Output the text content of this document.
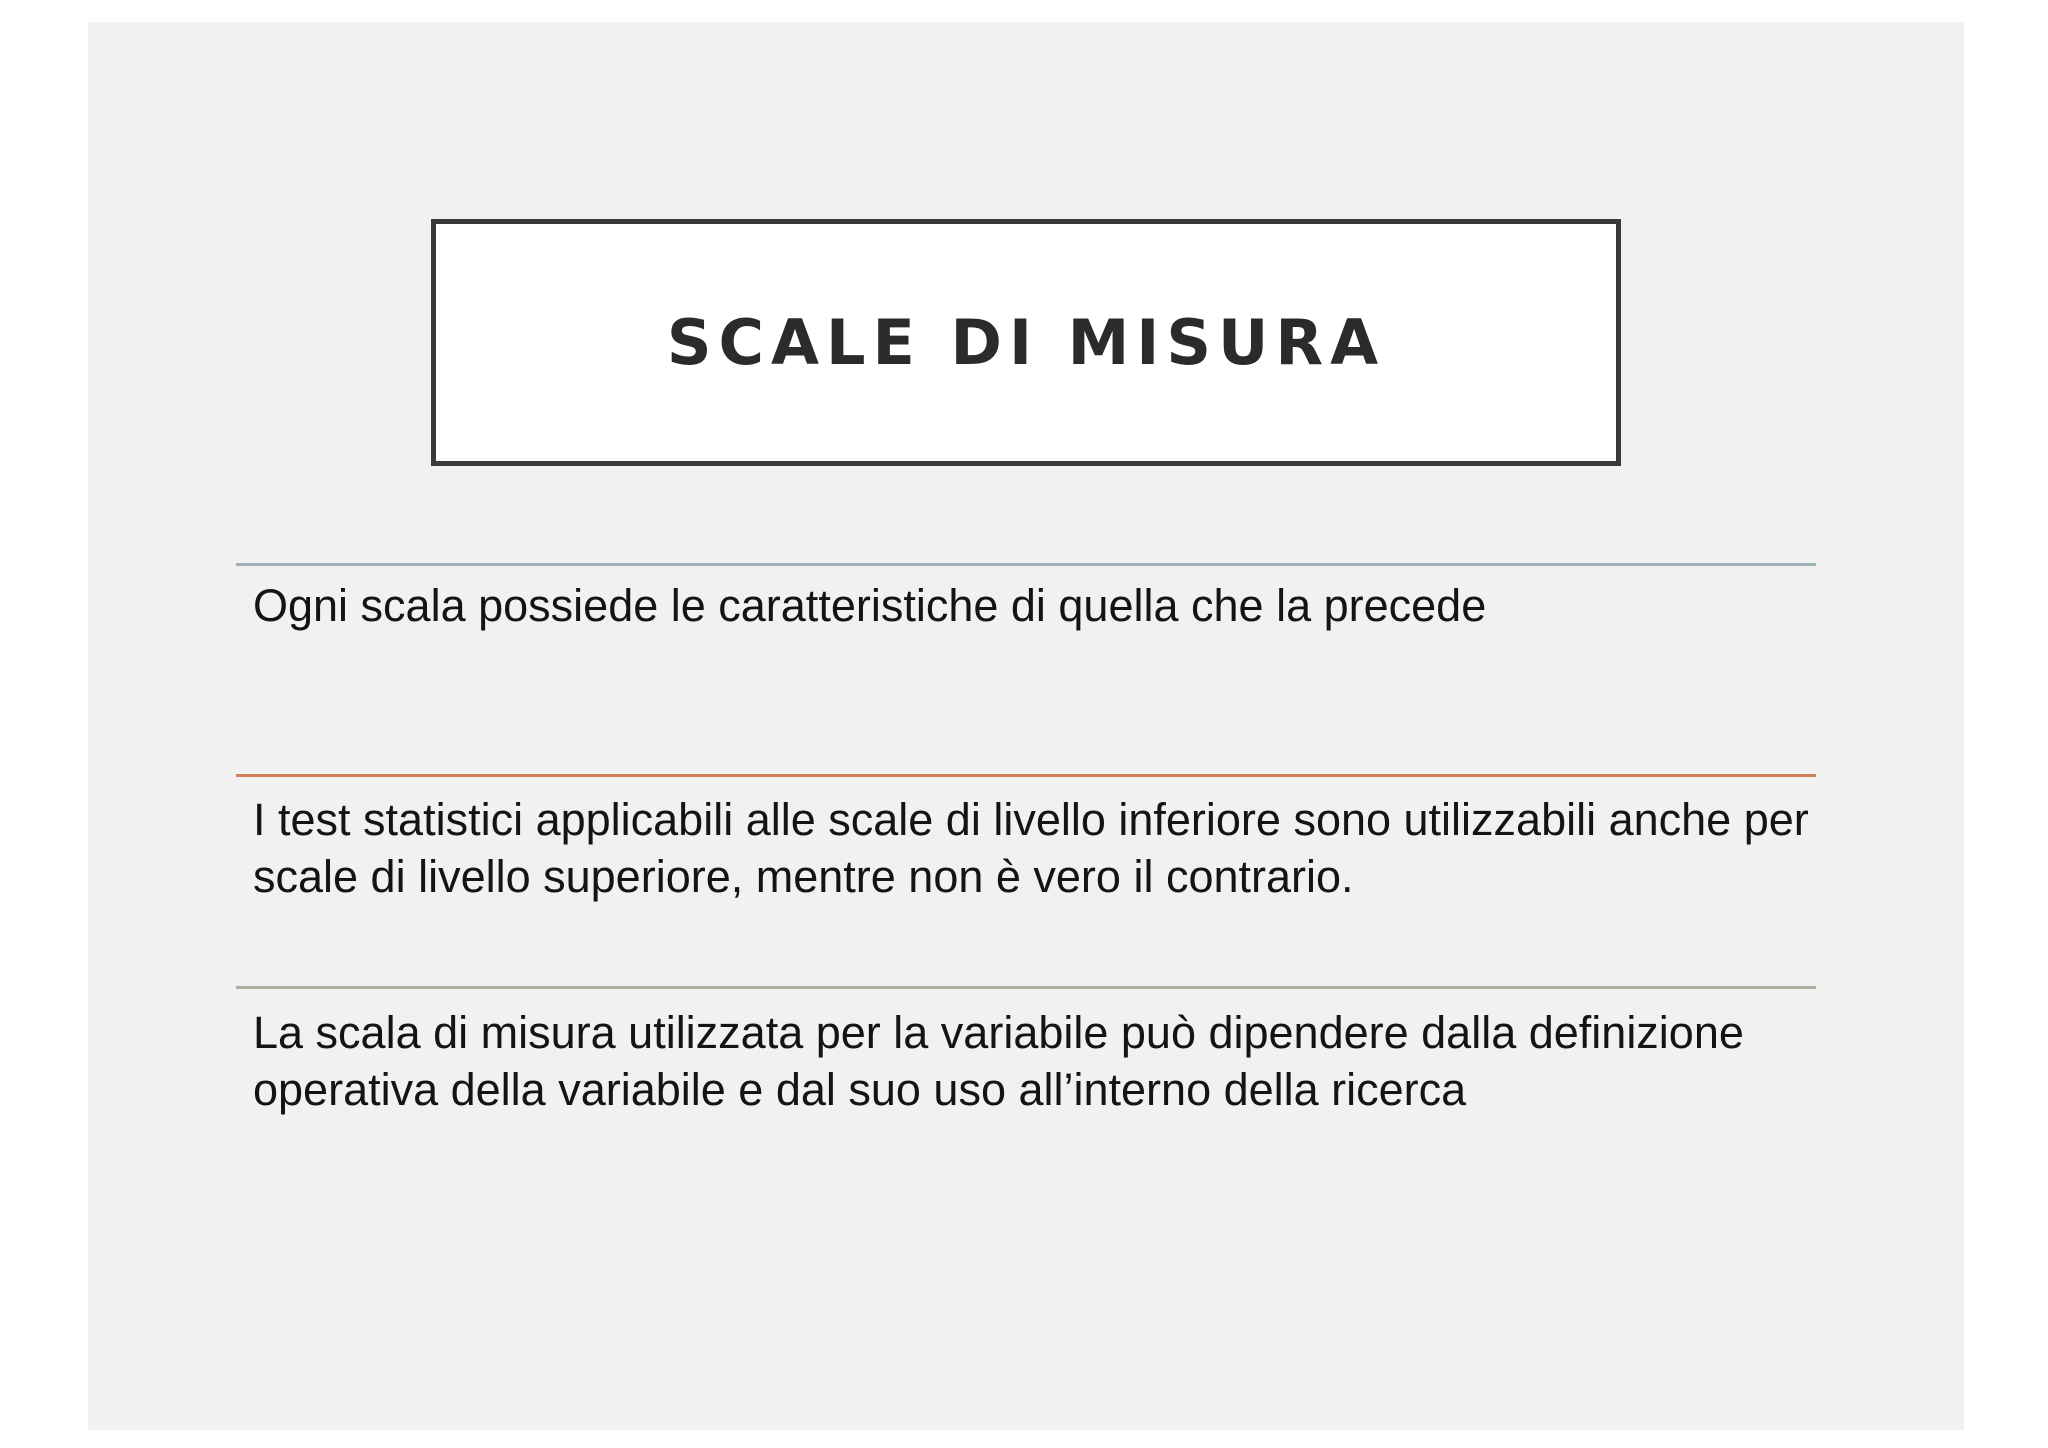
SCALE DI MISURA
Ogni scala possiede le caratteristiche di quella che la precede
I test statistici applicabili alle scale di livello inferiore sono utilizzabili anche per scale di livello superiore, mentre non è vero il contrario.
La scala di misura utilizzata per la variabile può dipendere dalla definizione operativa della variabile e dal suo uso all’interno della ricerca
